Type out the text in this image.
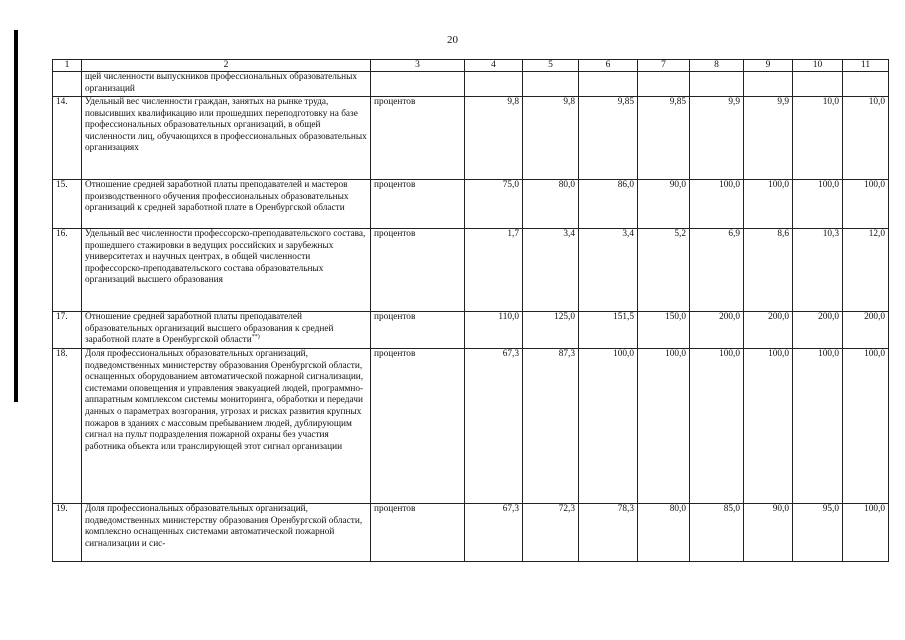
20
1	2	3	4	5	6	7	8	9	10	11
	щей численности выпускников профессиональных образовательных организаций									
14.	Удельный вес численности граждан, занятых на рынке труда, повысивших квалификацию или прошедших переподготовку на базе профессиональных образовательных организаций, в общей численности лиц, обучающихся в профессиональных образовательных организациях	процентов	9,8	9,8	9,85	9,85	9,9	9,9	10,0	10,0
15.	Отношение средней заработной платы преподавателей и мастеров производственного обучения профессиональных образовательных организаций к средней заработной плате в Оренбургской области	процентов	75,0	80,0	86,0	90,0	100,0	100,0	100,0	100,0
16.	Удельный вес численности профессорско-преподавательского состава, прошедшего стажировки в ведущих российских и зарубежных университетах и научных центрах, в общей численности профессорско-преподавательского состава образовательных организаций высшего образования	процентов	1,7	3,4	3,4	5,2	6,9	8,6	10,3	12,0
17.	Отношение средней заработной платы преподавателей образовательных организаций высшего образования к средней заработной плате в Оренбургской области**)	процентов	110,0	125,0	151,5	150,0	200,0	200,0	200,0	200,0
18.	Доля профессиональных образовательных организаций, подведомственных министерству образования Оренбургской области, оснащенных оборудованием автоматической пожарной сигнализации, системами оповещения и управления эвакуацией людей, программно-аппаратным комплексом системы мониторинга, обработки и передачи данных о параметрах возгорания, угрозах и рисках развития крупных пожаров в зданиях с массовым пребыванием людей, дублирующим сигнал на пульт подразделения пожарной охраны без участия работника объекта или транслирующей этот сигнал организации	процентов	67,3	87,3	100,0	100,0	100,0	100,0	100,0	100,0
19.	Доля профессиональных образовательных организаций, подведомственных министерству образования Оренбургской области, комплексно оснащенных системами автоматической пожарной сигнализации и сис-	процентов	67,3	72,3	78,3	80,0	85,0	90,0	95,0	100,0
